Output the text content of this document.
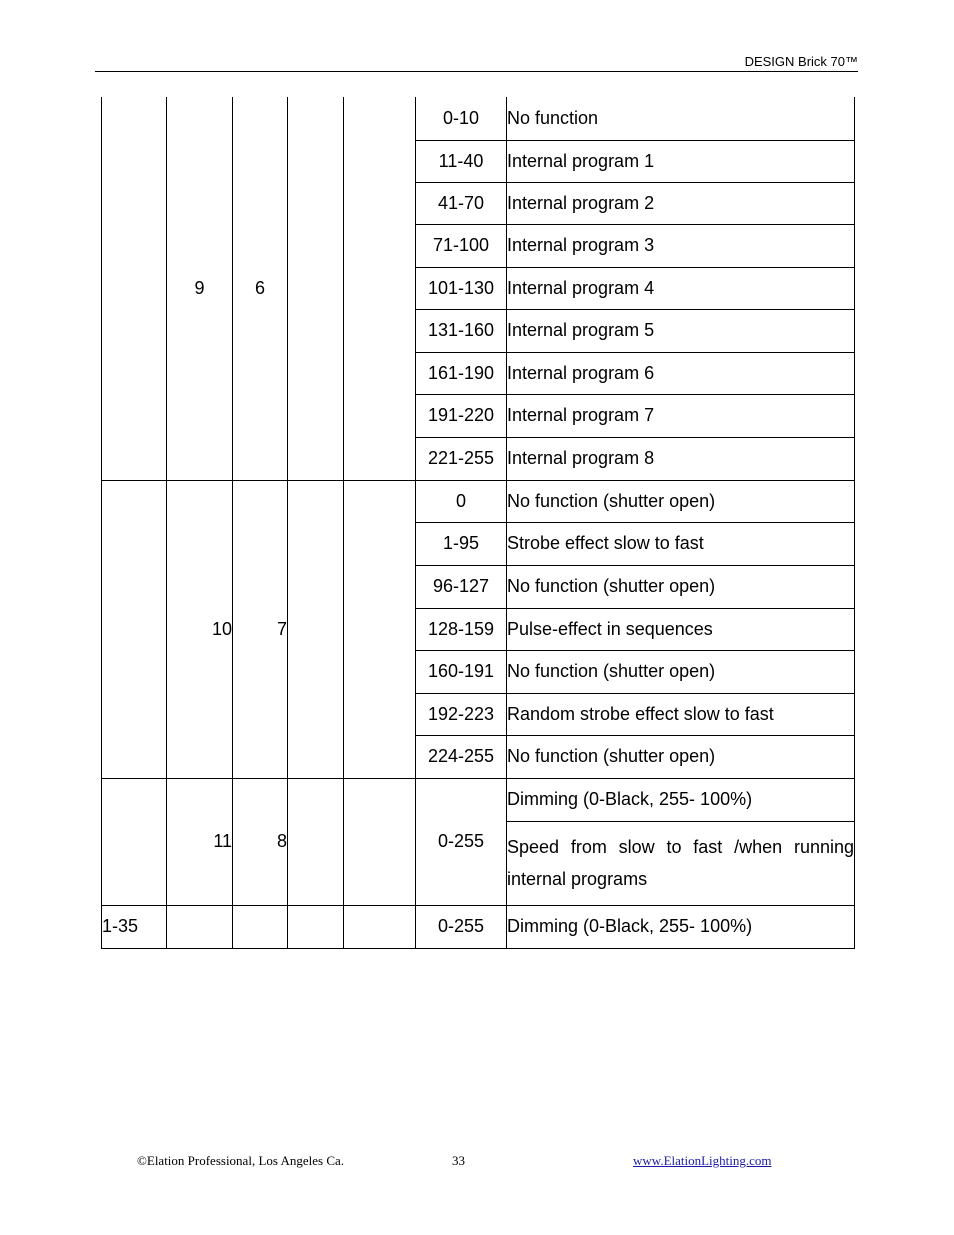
DESIGN Brick 70™
	9	6			0-10	No function
					11-40	Internal program 1
					41-70	Internal program 2
					71-100	Internal program 3
					101-130	Internal program 4
					131-160	Internal program 5
					161-190	Internal program 6
					191-220	Internal program 7
					221-255	Internal program 8
	10	7			0	No function (shutter open)
					1-95	Strobe effect slow to fast
					96-127	No function (shutter open)
					128-159	Pulse-effect in sequences
					160-191	No function (shutter open)
					192-223	Random strobe effect slow to fast
					224-255	No function (shutter open)
	11	8			0-255	Dimming (0-Black, 255- 100%)
						Speed from slow to fast /when running internal programs
1-35					0-255	Dimming (0-Black, 255- 100%)
©Elation Professional, Los Angeles Ca.	33	www.ElationLighting.com
